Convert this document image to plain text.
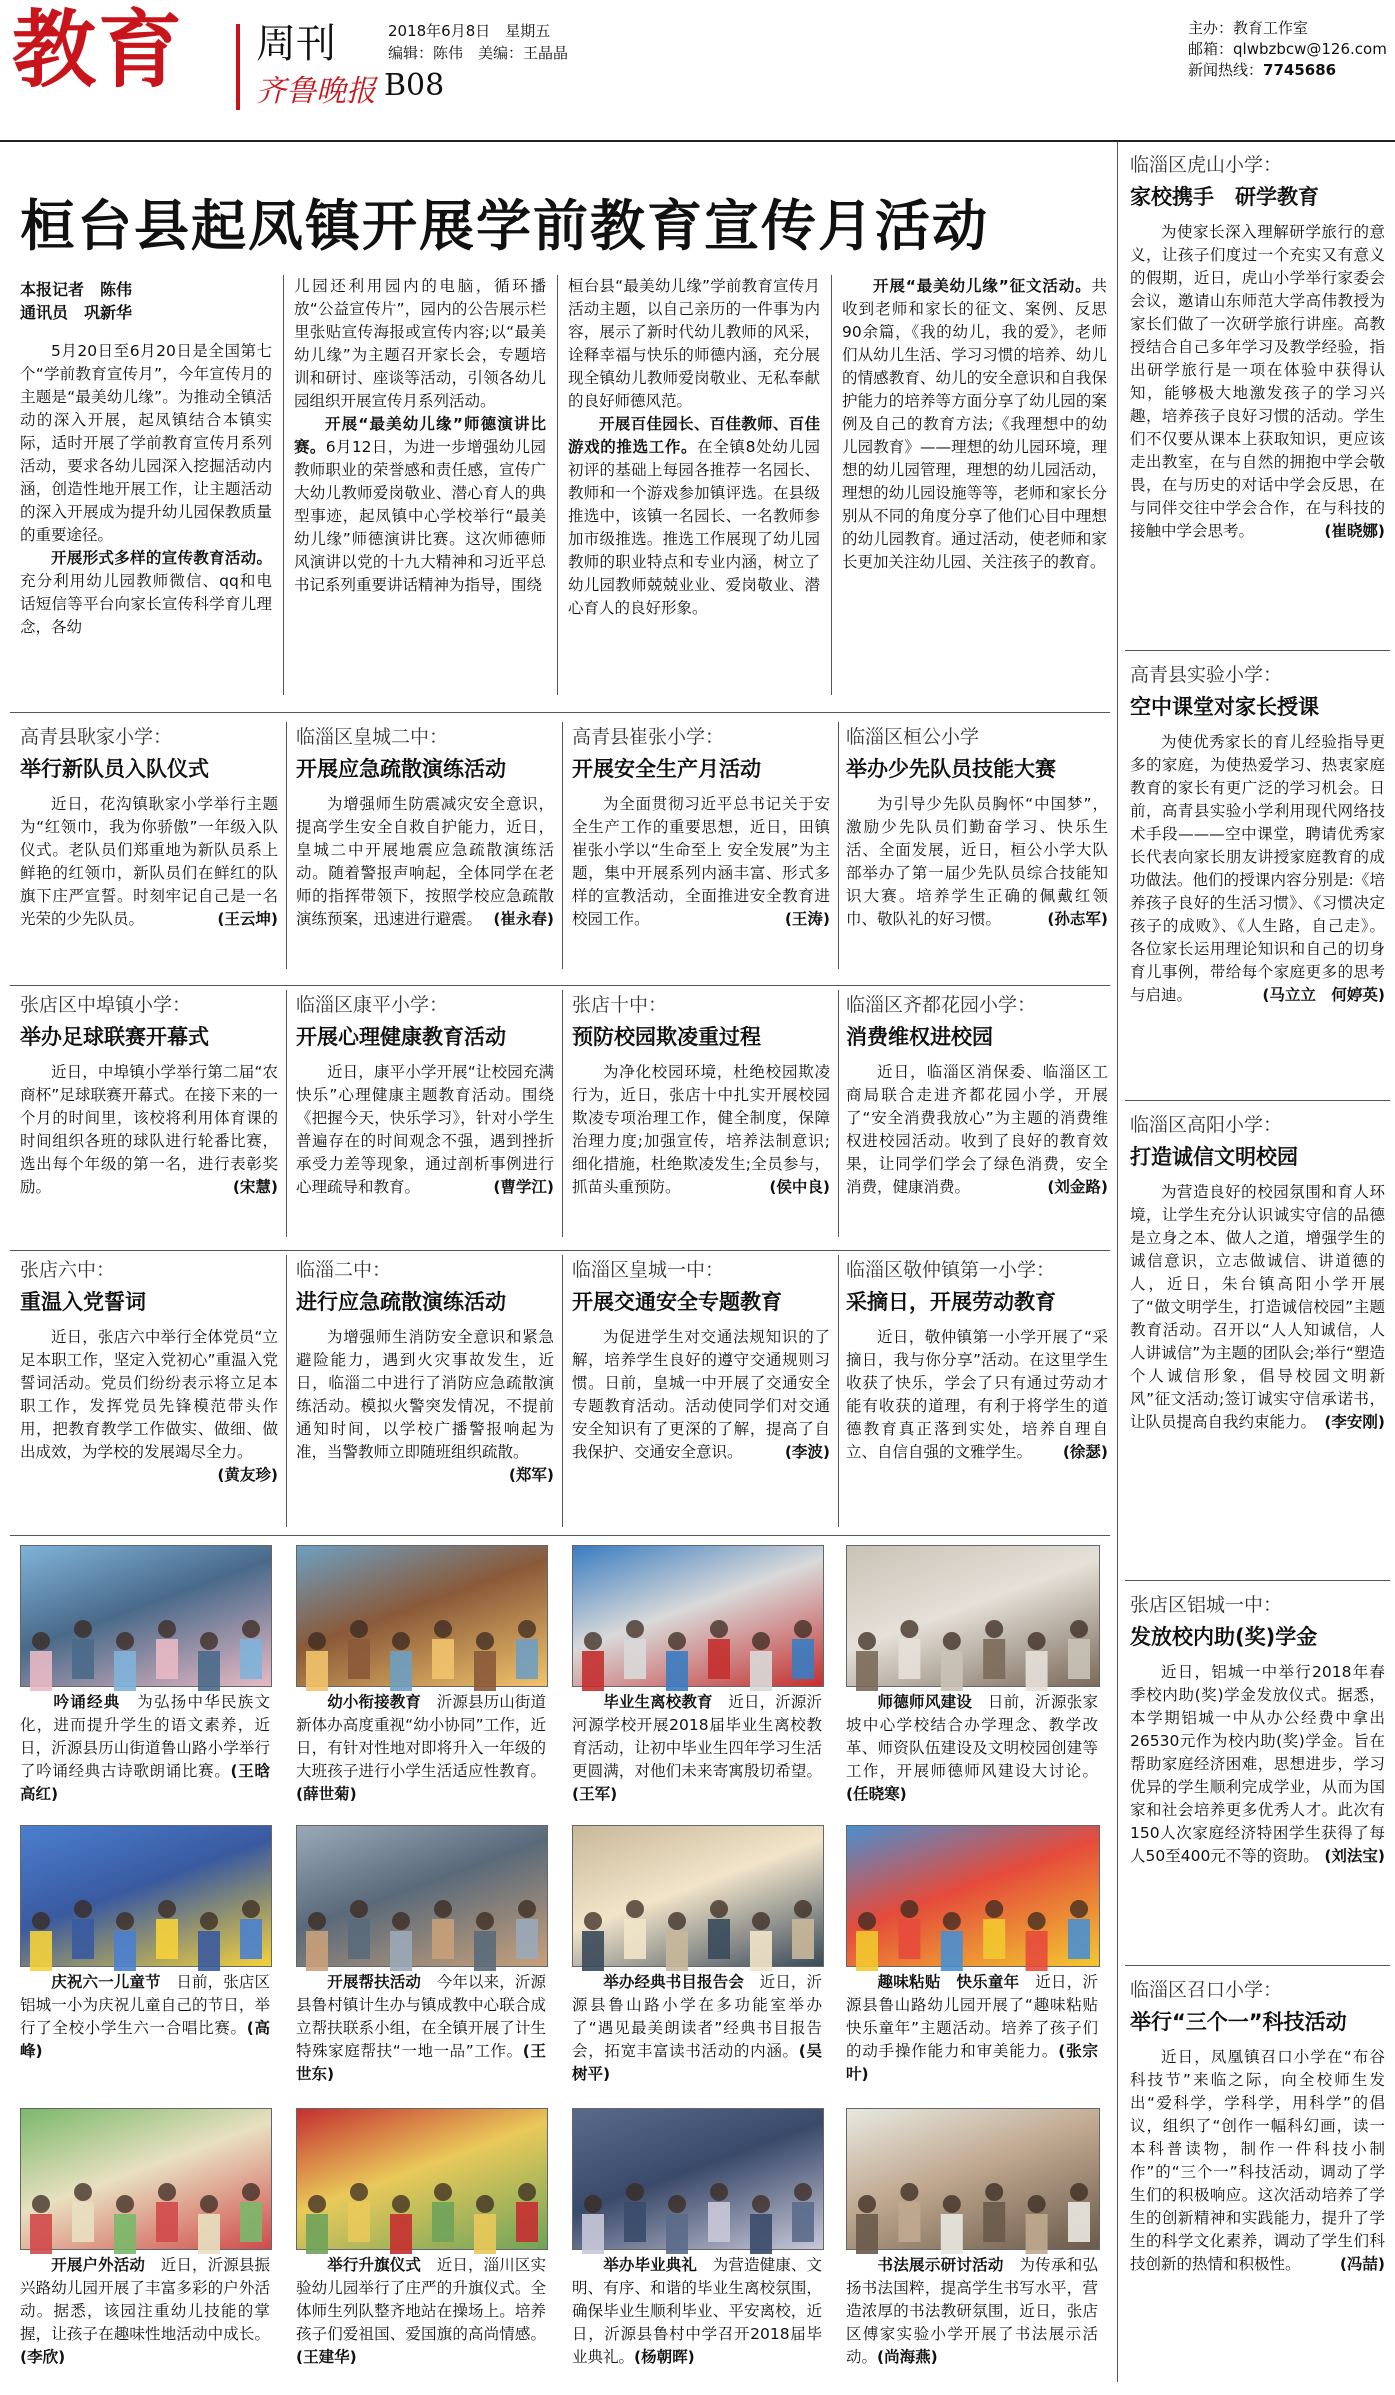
教育 周刊
齐鲁晚报 B08
2018年6月8日　星期五
编辑：陈伟　美编：王晶晶
主办：教育工作室
邮箱：qlwbzbcw@126.com
新闻热线：7745686
桓台县起凤镇开展学前教育宣传月活动
本报记者　陈伟
通讯员　巩新华

5月20日至6月20日是全国第七个“学前教育宣传月”，今年宣传月的主题是“最美幼儿缘”。为推动全镇活动的深入开展，起凤镇结合本镇实际，适时开展了学前教育宣传月系列活动，要求各幼儿园深入挖掘活动内涵，创造性地开展工作，让主题活动的深入开展成为提升幼儿园保教质量的重要途径。

开展形式多样的宣传教育活动。充分利用幼儿园教师微信、qq和电话短信等平台向家长宣传科学育儿理念，各幼

儿园还利用园内的电脑，循环播放“公益宣传片”，园内的公告展示栏里张贴宣传海报或宣传内容;以“最美幼儿缘”为主题召开家长会，专题培训和研讨、座谈等活动，引领各幼儿园组织开展宣传月系列活动。

开展“最美幼儿缘”师德演讲比赛。6月12日，为进一步增强幼儿园教师职业的荣誉感和责任感，宣传广大幼儿教师爱岗敬业、潜心育人的典型事迹，起凤镇中心学校举行“最美幼儿缘”师德演讲比赛。这次师德师风演讲以党的十九大精神和习近平总书记系列重要讲话精神为指导，围绕

桓台县“最美幼儿缘”学前教育宣传月活动主题，以自己亲历的一件事为内容，展示了新时代幼儿教师的风采，诠释幸福与快乐的师德内涵，充分展现全镇幼儿教师爱岗敬业、无私奉献的良好师德风范。

开展百佳园长、百佳教师、百佳游戏的推选工作。在全镇8处幼儿园初评的基础上每园各推荐一名园长、教师和一个游戏参加镇评选。在县级推选中，该镇一名园长、一名教师参加市级推选。推选工作展现了幼儿园教师的职业特点和专业内涵，树立了幼儿园教师兢兢业业、爱岗敬业、潜心育人的良好形象。

开展“最美幼儿缘”征文活动。共收到老师和家长的征文、案例、反思90余篇，《我的幼儿，我的爱》，老师们从幼儿生活、学习习惯的培养、幼儿的情感教育、幼儿的安全意识和自我保护能力的培养等方面分享了幼儿园的案例及自己的教育方法;《我理想中的幼儿园教育》——理想的幼儿园环境，理想的幼儿园管理，理想的幼儿园活动，理想的幼儿园设施等等，老师和家长分别从不同的角度分享了他们心目中理想的幼儿园教育。通过活动，使老师和家长更加关注幼儿园、关注孩子的教育。

高青县耿家小学：
举行新队员入队仪式

近日，花沟镇耿家小学举行主题为“红领巾，我为你骄傲”一年级入队仪式。老队员们郑重地为新队员系上鲜艳的红领巾，新队员们在鲜红的队旗下庄严宣誓。时刻牢记自己是一名光荣的少先队员。	(王云坤)

临淄区皇城二中：
开展应急疏散演练活动

为增强师生防震减灾安全意识，提高学生安全自救自护能力，近日，皇城二中开展地震应急疏散演练活动。随着警报声响起，全体同学在老师的指挥带领下，按照学校应急疏散演练预案，迅速进行避震。 (崔永春)

高青县崔张小学：
开展安全生产月活动

为全面贯彻习近平总书记关于安全生产工作的重要思想，近日，田镇崔张小学以“生命至上 安全发展”为主题，集中开展系列内涵丰富、形式多样的宣教活动，全面推进安全教育进校园工作。	(王涛)

临淄区桓公小学
举办少先队员技能大赛

为引导少先队员胸怀“中国梦”，激励少先队员们勤奋学习、快乐生活、全面发展，近日，桓公小学大队部举办了第一届少先队员综合技能知识大赛。培养学生正确的佩戴红领巾、敬队礼的好习惯。	(孙志军)

张店区中埠镇小学：
举办足球联赛开幕式

近日，中埠镇小学举行第二届“农商杯”足球联赛开幕式。在接下来的一个月的时间里，该校将利用体育课的时间组织各班的球队进行轮番比赛，选出每个年级的第一名，进行表彰奖励。	(宋慧)

临淄区康平小学：
开展心理健康教育活动

近日，康平小学开展“让校园充满快乐”心理健康主题教育活动。围绕《把握今天，快乐学习》，针对小学生普遍存在的时间观念不强，遇到挫折承受力差等现象，通过剖析事例进行心理疏导和教育。	(曹学江)

张店十中：
预防校园欺凌重过程

为净化校园环境，杜绝校园欺凌行为，近日，张店十中扎实开展校园欺凌专项治理工作，健全制度，保障治理力度;加强宣传，培养法制意识;细化措施，杜绝欺凌发生;全员参与，抓苗头重预防。	(侯中良)

临淄区齐都花园小学：
消费维权进校园

近日，临淄区消保委、临淄区工商局联合走进齐都花园小学，开展了“安全消费我放心”为主题的消费维权进校园活动。收到了良好的教育效果，让同学们学会了绿色消费，安全消费，健康消费。	(刘金路)

张店六中：
重温入党誓词

近日，张店六中举行全体党员“立足本职工作，坚定入党初心”重温入党誓词活动。党员们纷纷表示将立足本职工作，发挥党员先锋模范带头作用，把教育教学工作做实、做细、做出成效，为学校的发展竭尽全力。
(黄友珍)

临淄二中：
进行应急疏散演练活动

为增强师生消防安全意识和紧急避险能力，遇到火灾事故发生，近日，临淄二中进行了消防应急疏散演练活动。模拟火警突发情况，不提前通知时间，以学校广播警报响起为准，当警教师立即随班组织疏散。
(郑军)

临淄区皇城一中：
开展交通安全专题教育

为促进学生对交通法规知识的了解，培养学生良好的遵守交通规则习惯。日前，皇城一中开展了交通安全专题教育活动。活动使同学们对交通安全知识有了更深的了解，提高了自我保护、交通安全意识。	(李波)

临淄区敬仲镇第一小学：
采摘日，开展劳动教育

近日，敬仲镇第一小学开展了“采摘日，我与你分享”活动。在这里学生收获了快乐，学会了只有通过劳动才能有收获的道理，有利于将学生的道德教育真正落到实处，培养自理自立、自信自强的文雅学生。 (徐瑟)

　　吟诵经典　为弘扬中华民族文化，进而提升学生的语文素养，近日，沂源县历山街道鲁山路小学举行了吟诵经典古诗歌朗诵比赛。(王晗　高红)
　　幼小衔接教育　沂源县历山街道新体办高度重视“幼小协同”工作，近日，有针对性地对即将升入一年级的大班孩子进行小学生活适应性教育。(薛世菊)
　　毕业生离校教育　近日，沂源沂河源学校开展2018届毕业生离校教育活动，让初中毕业生四年学习生活更圆满，对他们未来寄寓殷切希望。(王军)
　　师德师风建设　日前，沂源张家坡中心学校结合办学理念、教学改革、师资队伍建设及文明校园创建等工作，开展师德师风建设大讨论。(任晓寒)
　　庆祝六一儿童节　日前，张店区铝城一小为庆祝儿童自己的节日，举行了全校小学生六一合唱比赛。(高峰)
　　开展帮扶活动　今年以来，沂源县鲁村镇计生办与镇成教中心联合成立帮扶联系小组，在全镇开展了计生特殊家庭帮扶“一地一品”工作。(王世东)
　　举办经典书目报告会　近日，沂源县鲁山路小学在多功能室举办了“遇见最美朗读者”经典书目报告会，拓宽丰富读书活动的内涵。(吴树平)
　　趣味粘贴　快乐童年　近日，沂源县鲁山路幼儿园开展了“趣味粘贴　快乐童年”主题活动。培养了孩子们的动手操作能力和审美能力。(张宗叶)
　　开展户外活动　近日，沂源县振兴路幼儿园开展了丰富多彩的户外活动。据悉，该园注重幼儿技能的掌握，让孩子在趣味性地活动中成长。(李欣)
　　举行升旗仪式　近日，淄川区实验幼儿园举行了庄严的升旗仪式。全体师生列队整齐地站在操场上。培养孩子们爱祖国、爱国旗的高尚情感。(王建华)
　　举办毕业典礼　为营造健康、文明、有序、和谐的毕业生离校氛围，确保毕业生顺利毕业、平安离校，近日，沂源县鲁村中学召开2018届毕业典礼。(杨朝晖)
　　书法展示研讨活动　为传承和弘扬书法国粹，提高学生书写水平，营造浓厚的书法教研氛围，近日，张店区傅家实验小学开展了书法展示活动。(尚海燕)
临淄区虎山小学：
家校携手　研学教育

为使家长深入理解研学旅行的意义，让孩子们度过一个充实又有意义的假期，近日，虎山小学举行家委会会议，邀请山东师范大学高伟教授为家长们做了一次研学旅行讲座。高教授结合自己多年学习及教学经验，指出研学旅行是一项在体验中获得认知，能够极大地激发孩子的学习兴趣，培养孩子良好习惯的活动。学生们不仅要从课本上获取知识，更应该走出教室，在与自然的拥抱中学会敬畏，在与历史的对话中学会反思，在与同伴交往中学会合作，在与科技的接触中学会思考。	(崔晓娜)

高青县实验小学：
空中课堂对家长授课

为使优秀家长的育儿经验指导更多的家庭，为使热爱学习、热衷家庭教育的家长有更广泛的学习机会。日前，高青县实验小学利用现代网络技术手段———空中课堂，聘请优秀家长代表向家长朋友讲授家庭教育的成功做法。他们的授课内容分别是:《培养孩子良好的生活习惯》、《习惯决定孩子的成败》、《人生路，自己走》。各位家长运用理论知识和自己的切身育儿事例，带给每个家庭更多的思考与启迪。	(马立立　何婷英)

临淄区高阳小学：
打造诚信文明校园

为营造良好的校园氛围和育人环境，让学生充分认识诚实守信的品德是立身之本、做人之道，增强学生的诚信意识，立志做诚信、讲道德的人，近日，朱台镇高阳小学开展了“做文明学生，打造诚信校园”主题教育活动。召开以“人人知诚信，人人讲诚信”为主题的团队会;举行“塑造个人诚信形象，倡导校园文明新风”征文活动;签订诚实守信承诺书，让队员提高自我约束能力。 (李安刚)

张店区铝城一中：
发放校内助(奖)学金

近日，铝城一中举行2018年春季校内助(奖)学金发放仪式。据悉，本学期铝城一中从办公经费中拿出26530元作为校内助(奖)学金。旨在帮助家庭经济困难，思想进步，学习优异的学生顺利完成学业，从而为国家和社会培养更多优秀人才。此次有150人次家庭经济特困学生获得了每人50至400元不等的资助。 (刘法宝)

临淄区召口小学：
举行“三个一”科技活动

近日，凤凰镇召口小学在“布谷科技节”来临之际，向全校师生发出“爱科学，学科学，用科学”的倡议，组织了“创作一幅科幻画，读一本科普读物，制作一件科技小制作”的“三个一”科技活动，调动了学生们的积极响应。这次活动培养了学生的创新精神和实践能力，提升了学生的科学文化素养，调动了学生们科技创新的热情和积极性。	(冯喆)
